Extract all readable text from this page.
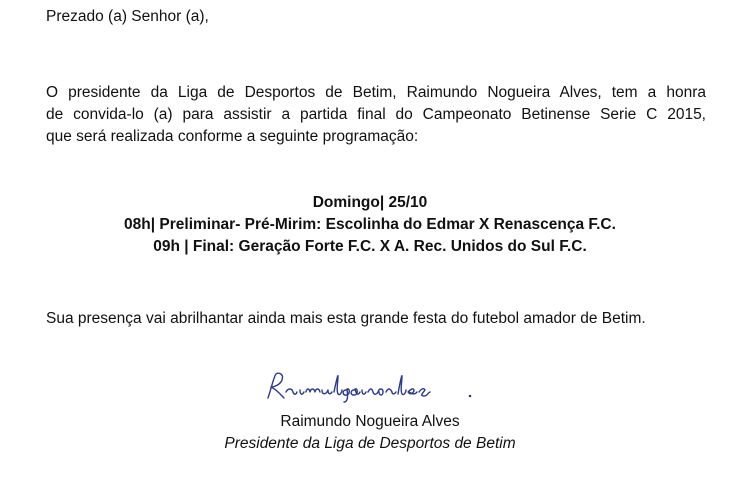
Prezado (a) Senhor (a),

O presidente da Liga de Desportos de Betim, Raimundo Nogueira Alves, tem a honra
de convida-lo (a) para assistir a partida final do Campeonato Betinense Serie C 2015,
que será realizada conforme a seguinte programação:

Domingo| 25/10
08h| Preliminar- Pré-Mirim: Escolinha do Edmar X Renascença F.C.
09h | Final: Geração Forte F.C. X A. Rec. Unidos do Sul F.C.

Sua presença vai abrilhantar ainda mais esta grande festa do futebol amador de Betim.

Raimundo Nogueira Alves
Presidente da Liga de Desportos de Betim
